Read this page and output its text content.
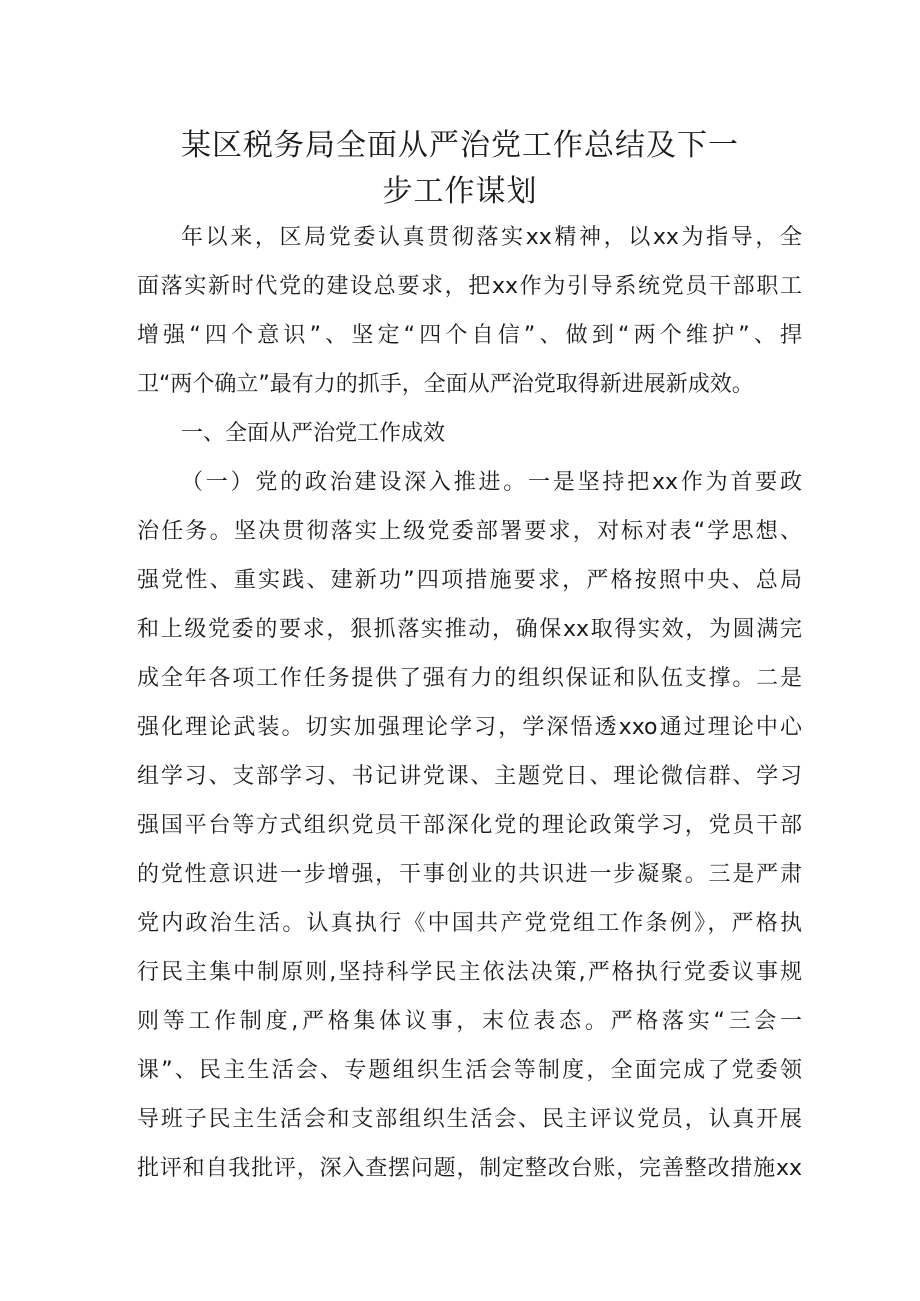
某区税务局全面从严治党工作总结及下一
步工作谋划
年以来，区局党委认真贯彻落实xx精神，以xx为指导，全
面落实新时代党的建设总要求，把xx作为引导系统党员干部职工
增强“四个意识”、坚定“四个自信”、做到“两个维护”、捍
卫“两个确立”最有力的抓手，全面从严治党取得新进展新成效。
一、全面从严治党工作成效
（一）党的政治建设深入推进。一是坚持把xx作为首要政
治任务。坚决贯彻落实上级党委部署要求，对标对表“学思想、
强党性、重实践、建新功”四项措施要求，严格按照中央、总局
和上级党委的要求，狠抓落实推动，确保xx取得实效，为圆满完
成全年各项工作任务提供了强有力的组织保证和队伍支撑。二是
强化理论武装。切实加强理论学习，学深悟透xxo通过理论中心
组学习、支部学习、书记讲党课、主题党日、理论微信群、学习
强国平台等方式组织党员干部深化党的理论政策学习，党员干部
的党性意识进一步增强，干事创业的共识进一步凝聚。三是严肃
党内政治生活。认真执行《中国共产党党组工作条例》，严格执
行民主集中制原则,坚持科学民主依法决策,严格执行党委议事规
则等工作制度,严格集体议事，末位表态。严格落实“三会一
课”、民主生活会、专题组织生活会等制度，全面完成了党委领
导班子民主生活会和支部组织生活会、民主评议党员，认真开展
批评和自我批评，深入查摆问题，制定整改台账，完善整改措施xx
